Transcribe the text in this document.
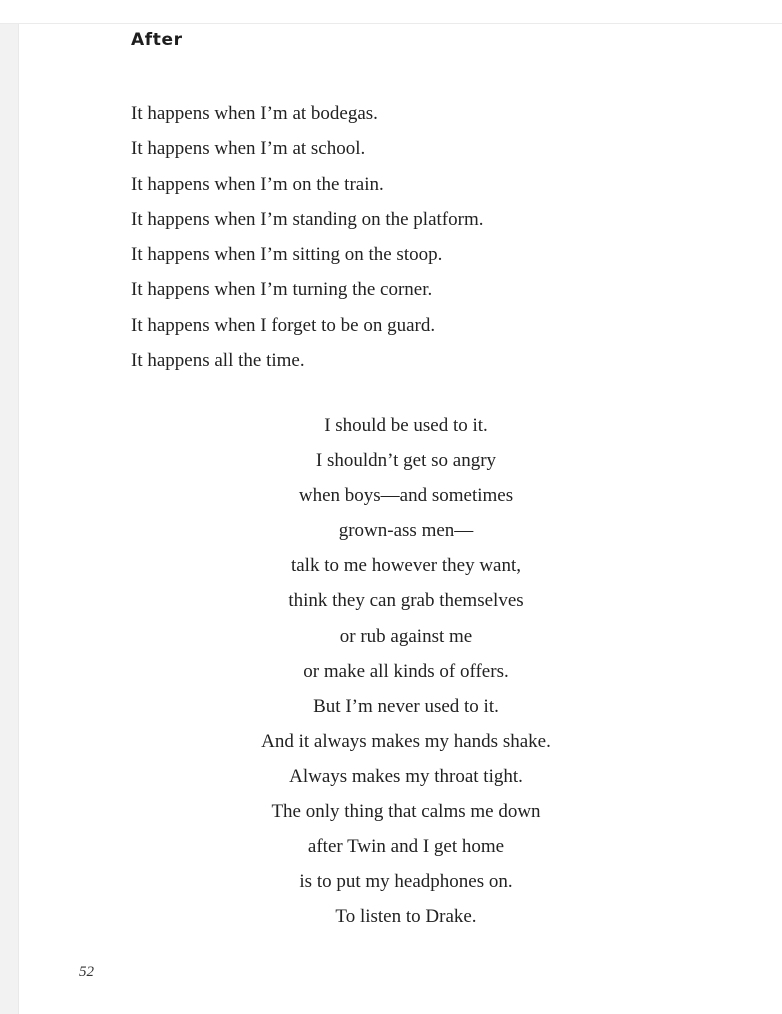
After
It happens when I’m at bodegas.
It happens when I’m at school.
It happens when I’m on the train.
It happens when I’m standing on the platform.
It happens when I’m sitting on the stoop.
It happens when I’m turning the corner.
It happens when I forget to be on guard.
It happens all the time.
I should be used to it.
I shouldn’t get so angry
when boys—and sometimes
grown-ass men—
talk to me however they want,
think they can grab themselves
or rub against me
or make all kinds of offers.
But I’m never used to it.
And it always makes my hands shake.
Always makes my throat tight.
The only thing that calms me down
after Twin and I get home
is to put my headphones on.
To listen to Drake.

52
